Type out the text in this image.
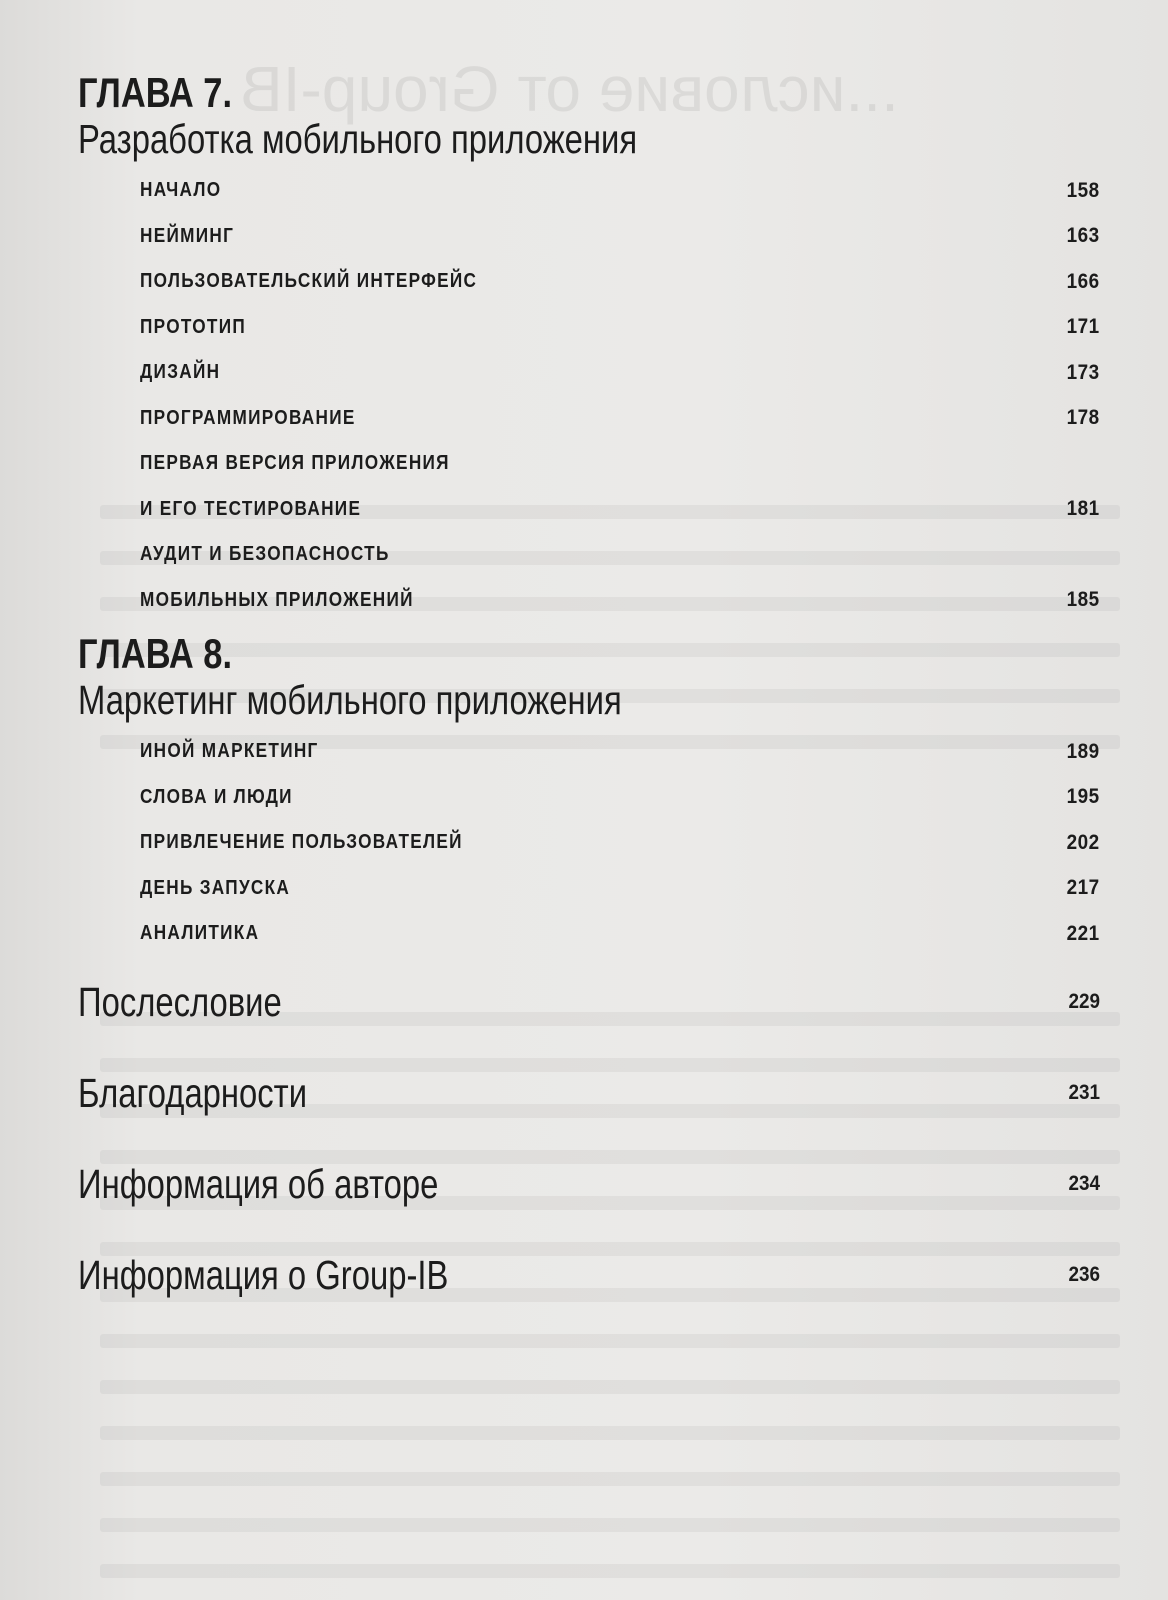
...исловие от Group-IB
ГЛАВА 7.
Разработка мобильного приложения
НАЧАЛО	158
НЕЙМИНГ	163
ПОЛЬЗОВАТЕЛЬСКИЙ ИНТЕРФЕЙС	166
ПРОТОТИП	171
ДИЗАЙН	173
ПРОГРАММИРОВАНИЕ	178
ПЕРВАЯ ВЕРСИЯ ПРИЛОЖЕНИЯ
И ЕГО ТЕСТИРОВАНИЕ	181
АУДИТ И БЕЗОПАСНОСТЬ
МОБИЛЬНЫХ ПРИЛОЖЕНИЙ	185
ГЛАВА 8.
Маркетинг мобильного приложения
ИНОЙ МАРКЕТИНГ	189
СЛОВА И ЛЮДИ	195
ПРИВЛЕЧЕНИЕ ПОЛЬЗОВАТЕЛЕЙ	202
ДЕНЬ ЗАПУСКА	217
АНАЛИТИКА	221
Послесловие	229
Благодарности	231
Информация об авторе	234
Информация о Group-IB	236
